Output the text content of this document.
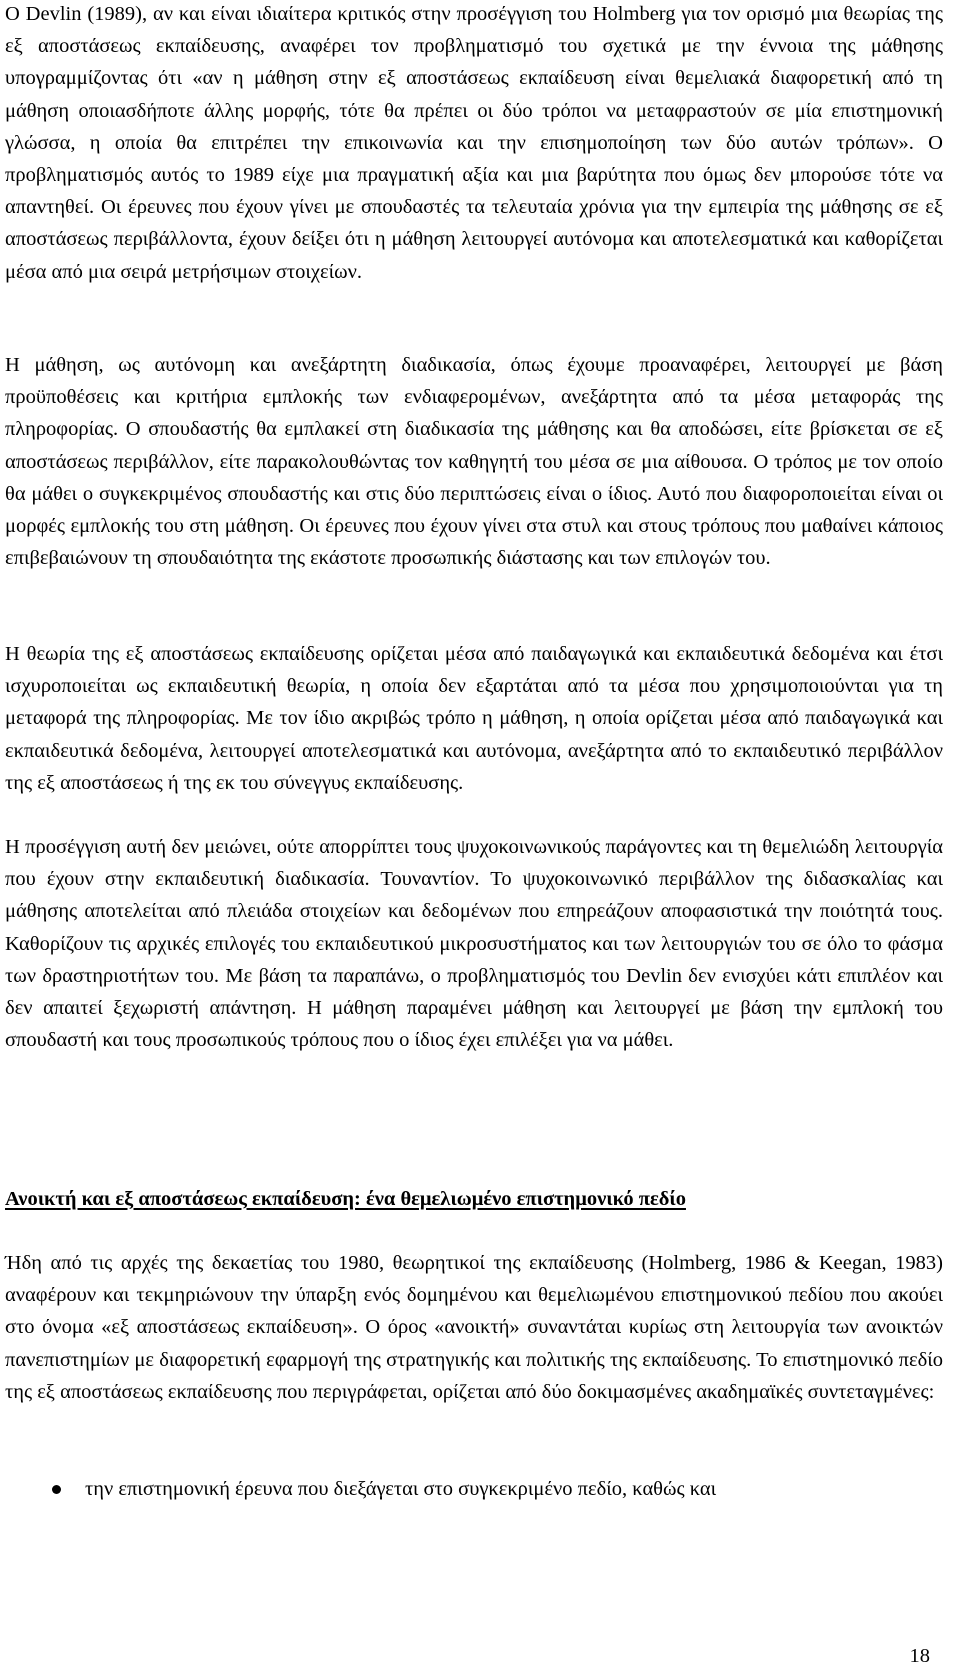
O Devlin (1989), αν και είναι ιδιαίτερα κριτικός στην προσέγγιση του Holmberg για τον ορισμό μια θεωρίας της εξ αποστάσεως εκπαίδευσης, αναφέρει τον προβληματισμό του σχετικά με την έννοια της μάθησης υπογραμμίζοντας ότι «αν η μάθηση στην εξ αποστάσεως εκπαίδευση είναι θεμελιακά διαφορετική από τη μάθηση οποιασδήποτε άλλης μορφής, τότε θα πρέπει οι δύο τρόποι να μεταφραστούν σε μία επιστημονική γλώσσα, η οποία θα επιτρέπει την επικοινωνία και την επισημοποίηση των δύο αυτών τρόπων». Ο προβληματισμός αυτός το 1989 είχε μια πραγματική αξία και μια βαρύτητα που όμως δεν μπορούσε τότε να απαντηθεί. Οι έρευνες που έχουν γίνει με σπουδαστές τα τελευταία χρόνια για την εμπειρία της μάθησης σε εξ αποστάσεως περιβάλλοντα, έχουν δείξει ότι η μάθηση λειτουργεί αυτόνομα και αποτελεσματικά και καθορίζεται μέσα από μια σειρά μετρήσιμων στοιχείων.

Η μάθηση, ως αυτόνομη και ανεξάρτητη διαδικασία, όπως έχουμε προαναφέρει, λειτουργεί με βάση προϋποθέσεις και κριτήρια εμπλοκής των ενδιαφερομένων, ανεξάρτητα από τα μέσα μεταφοράς της πληροφορίας. Ο σπουδαστής θα εμπλακεί στη διαδικασία της μάθησης και θα αποδώσει, είτε βρίσκεται σε εξ αποστάσεως περιβάλλον, είτε παρακολουθώντας τον καθηγητή του μέσα σε μια αίθουσα. Ο τρόπος με τον οποίο θα μάθει ο συγκεκριμένος σπουδαστής και στις δύο περιπτώσεις είναι ο ίδιος. Αυτό που διαφοροποιείται είναι οι μορφές εμπλοκής του στη μάθηση. Οι έρευνες που έχουν γίνει στα στυλ και στους τρόπους που μαθαίνει κάποιος επιβεβαιώνουν τη σπουδαιότητα της εκάστοτε προσωπικής διάστασης και των επιλογών του.

Η θεωρία της εξ αποστάσεως εκπαίδευσης ορίζεται μέσα από παιδαγωγικά και εκπαιδευτικά δεδομένα και έτσι ισχυροποιείται ως εκπαιδευτική θεωρία, η οποία δεν εξαρτάται από τα μέσα που χρησιμοποιούνται για τη μεταφορά της πληροφορίας. Με τον ίδιο ακριβώς τρόπο η μάθηση, η οποία ορίζεται μέσα από παιδαγωγικά και εκπαιδευτικά δεδομένα, λειτουργεί αποτελεσματικά και αυτόνομα, ανεξάρτητα από το εκπαιδευτικό περιβάλλον της εξ αποστάσεως ή της εκ του σύνεγγυς εκπαίδευσης.

Η προσέγγιση αυτή δεν μειώνει, ούτε απορρίπτει τους ψυχοκοινωνικούς παράγοντες και τη θεμελιώδη λειτουργία που έχουν στην εκπαιδευτική διαδικασία. Τουναντίον. Το ψυχοκοινωνικό περιβάλλον της διδασκαλίας και μάθησης αποτελείται από πλειάδα στοιχείων και δεδομένων που επηρεάζουν αποφασιστικά την ποιότητά τους. Καθορίζουν τις αρχικές επιλογές του εκπαιδευτικού μικροσυστήματος και των λειτουργιών του σε όλο το φάσμα των δραστηριοτήτων του. Με βάση τα παραπάνω, ο προβληματισμός του Devlin δεν ενισχύει κάτι επιπλέον και δεν απαιτεί ξεχωριστή απάντηση. Η μάθηση παραμένει μάθηση και λειτουργεί με βάση την εμπλοκή του σπουδαστή και τους προσωπικούς τρόπους που ο ίδιος έχει επιλέξει για να μάθει.

Ανοικτή και εξ αποστάσεως εκπαίδευση: ένα θεμελιωμένο επιστημονικό πεδίο

Ήδη από τις αρχές της δεκαετίας του 1980, θεωρητικοί της εκπαίδευσης (Holmberg, 1986 & Keegan, 1983) αναφέρουν και τεκμηριώνουν την ύπαρξη ενός δομημένου και θεμελιωμένου επιστημονικού πεδίου που ακούει στο όνομα «εξ αποστάσεως εκπαίδευση». Ο όρος «ανοικτή» συναντάται κυρίως στη λειτουργία των ανοικτών πανεπιστημίων με διαφορετική εφαρμογή της στρατηγικής και πολιτικής της εκπαίδευσης. Το επιστημονικό πεδίο της εξ αποστάσεως εκπαίδευσης που περιγράφεται, ορίζεται από δύο δοκιμασμένες ακαδημαϊκές συντεταγμένες:

την επιστημονική έρευνα που διεξάγεται στο συγκεκριμένο πεδίο, καθώς και
18
